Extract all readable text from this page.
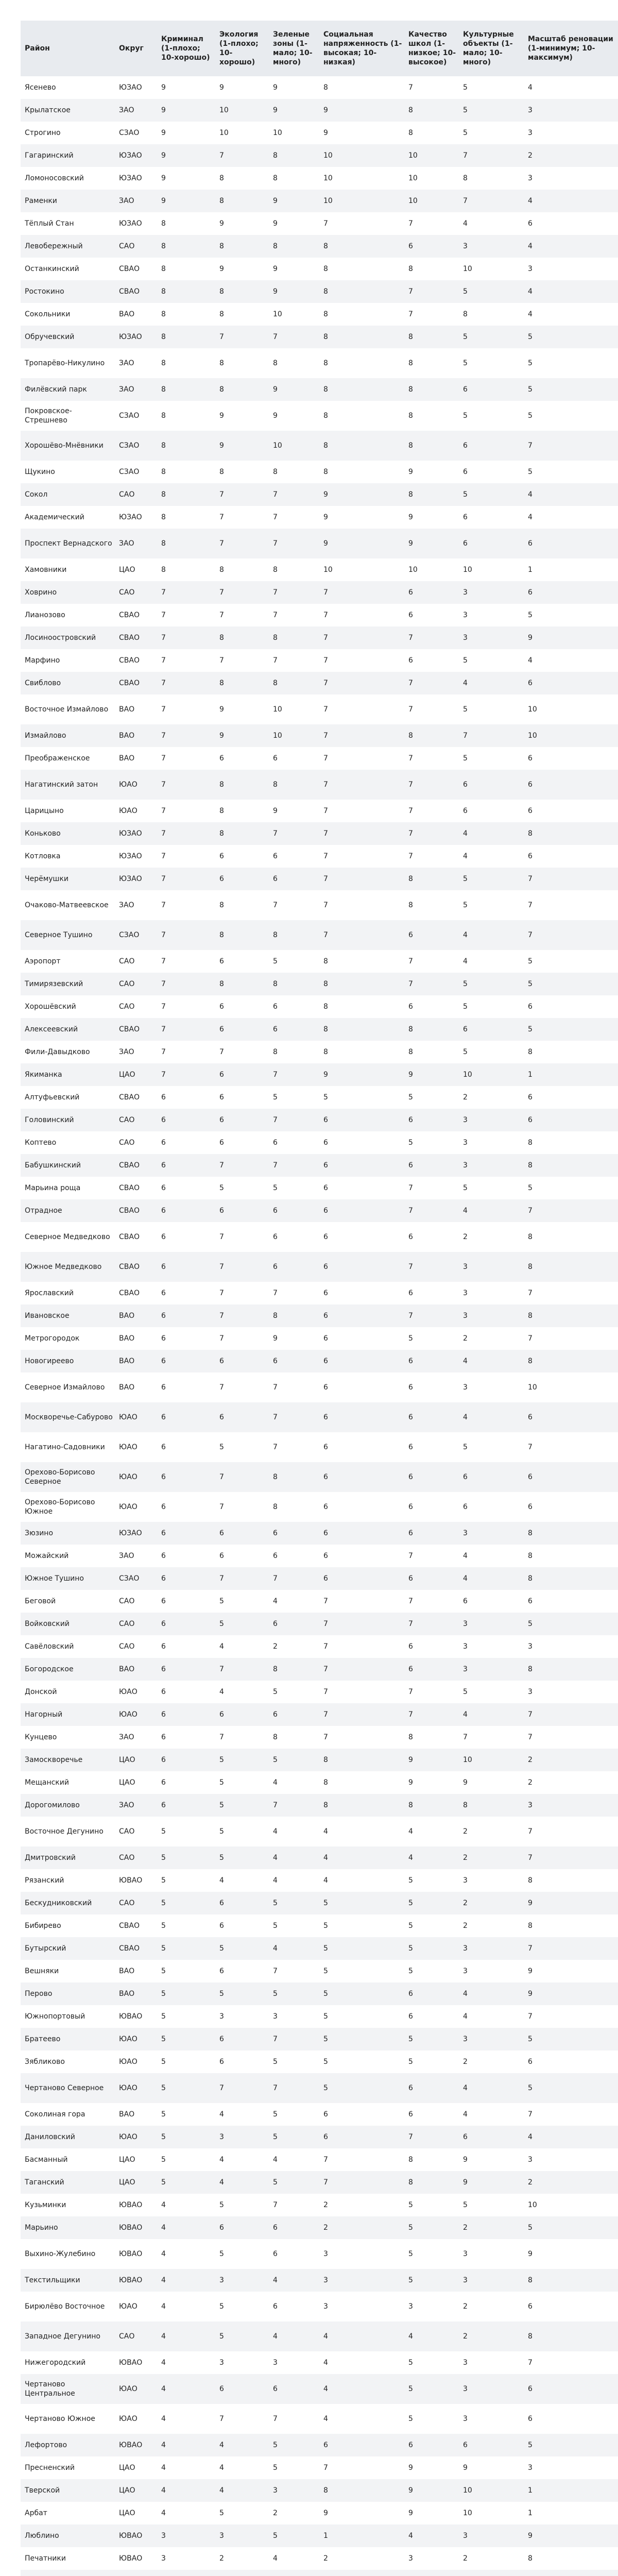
Район	Округ	Криминал (1-плохо; 10-хорошо)	Экология (1-плохо; 10-хорошо)	Зеленые зоны (1-мало; 10-много)	Социальная напряженность (1-высокая; 10-низкая)	Качество школ (1-низкое; 10-высокое)	Культурные объекты (1-мало; 10-много)	Масштаб реновации (1-минимум; 10-максимум)
Ясенево	ЮЗАО	9	9	9	8	7	5	4
Крылатское	ЗАО	9	10	9	9	8	5	3
Строгино	СЗАО	9	10	10	9	8	5	3
Гагаринский	ЮЗАО	9	7	8	10	10	7	2
Ломоносовский	ЮЗАО	9	8	8	10	10	8	3
Раменки	ЗАО	9	8	9	10	10	7	4
Тёплый Стан	ЮЗАО	8	9	9	7	7	4	6
Левобережный	САО	8	8	8	8	6	3	4
Останкинский	СВАО	8	9	9	8	8	10	3
Ростокино	СВАО	8	8	9	8	7	5	4
Сокольники	ВАО	8	8	10	8	7	8	4
Обручевский	ЮЗАО	8	7	7	8	8	5	5
Тропарёво-Никулино	ЗАО	8	8	8	8	8	5	5
Филёвский парк	ЗАО	8	8	9	8	8	6	5
Покровское-Стрешнево	СЗАО	8	9	9	8	8	5	5
Хорошёво-Мнёвники	СЗАО	8	9	10	8	8	6	7
Щукино	СЗАО	8	8	8	8	9	6	5
Сокол	САО	8	7	7	9	8	5	4
Академический	ЮЗАО	8	7	7	9	9	6	4
Проспект Вернадского	ЗАО	8	7	7	9	9	6	6
Хамовники	ЦАО	8	8	8	10	10	10	1
Ховрино	САО	7	7	7	7	6	3	6
Лианозово	СВАО	7	7	7	7	6	3	5
Лосиноостровский	СВАО	7	8	8	7	7	3	9
Марфино	СВАО	7	7	7	7	6	5	4
Свиблово	СВАО	7	8	8	7	7	4	6
Восточное Измайлово	ВАО	7	9	10	7	7	5	10
Измайлово	ВАО	7	9	10	7	8	7	10
Преображенское	ВАО	7	6	6	7	7	5	6
Нагатинский затон	ЮАО	7	8	8	7	7	6	6
Царицыно	ЮАО	7	8	9	7	7	6	6
Коньково	ЮЗАО	7	8	7	7	7	4	8
Котловка	ЮЗАО	7	6	6	7	7	4	6
Черёмушки	ЮЗАО	7	6	6	7	8	5	7
Очаково-Матвеевское	ЗАО	7	8	7	7	8	5	7
Северное Тушино	СЗАО	7	8	8	7	6	4	7
Аэропорт	САО	7	6	5	8	7	4	5
Тимирязевский	САО	7	8	8	8	7	5	5
Хорошёвский	САО	7	6	6	8	6	5	6
Алексеевский	СВАО	7	6	6	8	8	6	5
Фили-Давыдково	ЗАО	7	7	8	8	8	5	8
Якиманка	ЦАО	7	6	7	9	9	10	1
Алтуфьевский	СВАО	6	6	5	5	5	2	6
Головинский	САО	6	6	7	6	6	3	6
Коптево	САО	6	6	6	6	5	3	8
Бабушкинский	СВАО	6	7	7	6	6	3	8
Марьина роща	СВАО	6	5	5	6	7	5	5
Отрадное	СВАО	6	6	6	6	7	4	7
Северное Медведково	СВАО	6	7	6	6	6	2	8
Южное Медведково	СВАО	6	7	6	6	7	3	8
Ярославский	СВАО	6	7	7	6	6	3	7
Ивановское	ВАО	6	7	8	6	7	3	8
Метрогородок	ВАО	6	7	9	6	5	2	7
Новогиреево	ВАО	6	6	6	6	6	4	8
Северное Измайлово	ВАО	6	7	7	6	6	3	10
Москворечье-Сабурово	ЮАО	6	6	7	6	6	4	6
Нагатино-Садовники	ЮАО	6	5	7	6	6	5	7
Орехово-Борисово Северное	ЮАО	6	7	8	6	6	6	6
Орехово-Борисово Южное	ЮАО	6	7	8	6	6	6	6
Зюзино	ЮЗАО	6	6	6	6	6	3	8
Можайский	ЗАО	6	6	6	6	7	4	8
Южное Тушино	СЗАО	6	7	7	6	6	4	8
Беговой	САО	6	5	4	7	7	6	6
Войковский	САО	6	5	6	7	7	3	5
Савёловский	САО	6	4	2	7	6	3	3
Богородское	ВАО	6	7	8	7	6	3	8
Донской	ЮАО	6	4	5	7	7	5	3
Нагорный	ЮАО	6	6	6	7	7	4	7
Кунцево	ЗАО	6	7	8	7	8	7	7
Замоскворечье	ЦАО	6	5	5	8	9	10	2
Мещанский	ЦАО	6	5	4	8	9	9	2
Дорогомилово	ЗАО	6	5	7	8	8	8	3
Восточное Дегунино	САО	5	5	4	4	4	2	7
Дмитровский	САО	5	5	4	4	4	2	7
Рязанский	ЮВАО	5	4	4	4	5	3	8
Бескудниковский	САО	5	6	5	5	5	2	9
Бибирево	СВАО	5	6	5	5	5	2	8
Бутырский	СВАО	5	5	4	5	5	3	7
Вешняки	ВАО	5	6	7	5	5	3	9
Перово	ВАО	5	5	5	5	6	4	9
Южнопортовый	ЮВАО	5	3	3	5	6	4	7
Братеево	ЮАО	5	6	7	5	5	3	5
Зябликово	ЮАО	5	6	5	5	5	2	6
Чертаново Северное	ЮАО	5	7	7	5	6	4	5
Соколиная гора	ВАО	5	4	5	6	6	4	7
Даниловский	ЮАО	5	3	5	6	7	6	4
Басманный	ЦАО	5	4	4	7	8	9	3
Таганский	ЦАО	5	4	5	7	8	9	2
Кузьминки	ЮВАО	4	5	7	2	5	5	10
Марьино	ЮВАО	4	6	6	2	5	2	5
Выхино-Жулебино	ЮВАО	4	5	6	3	5	3	9
Текстильщики	ЮВАО	4	3	4	3	5	3	8
Бирюлёво Восточное	ЮАО	4	5	6	3	3	2	6
Западное Дегунино	САО	4	5	4	4	4	2	8
Нижегородский	ЮВАО	4	3	3	4	5	3	7
Чертаново Центральное	ЮАО	4	6	6	4	5	3	6
Чертаново Южное	ЮАО	4	7	7	4	5	3	6
Лефортово	ЮВАО	4	4	5	6	6	6	5
Пресненский	ЦАО	4	4	5	7	9	9	3
Тверской	ЦАО	4	4	3	8	9	10	1
Арбат	ЦАО	4	5	2	9	9	10	1
Люблино	ЮВАО	3	3	5	1	4	3	9
Печатники	ЮВАО	3	2	4	2	3	2	8
